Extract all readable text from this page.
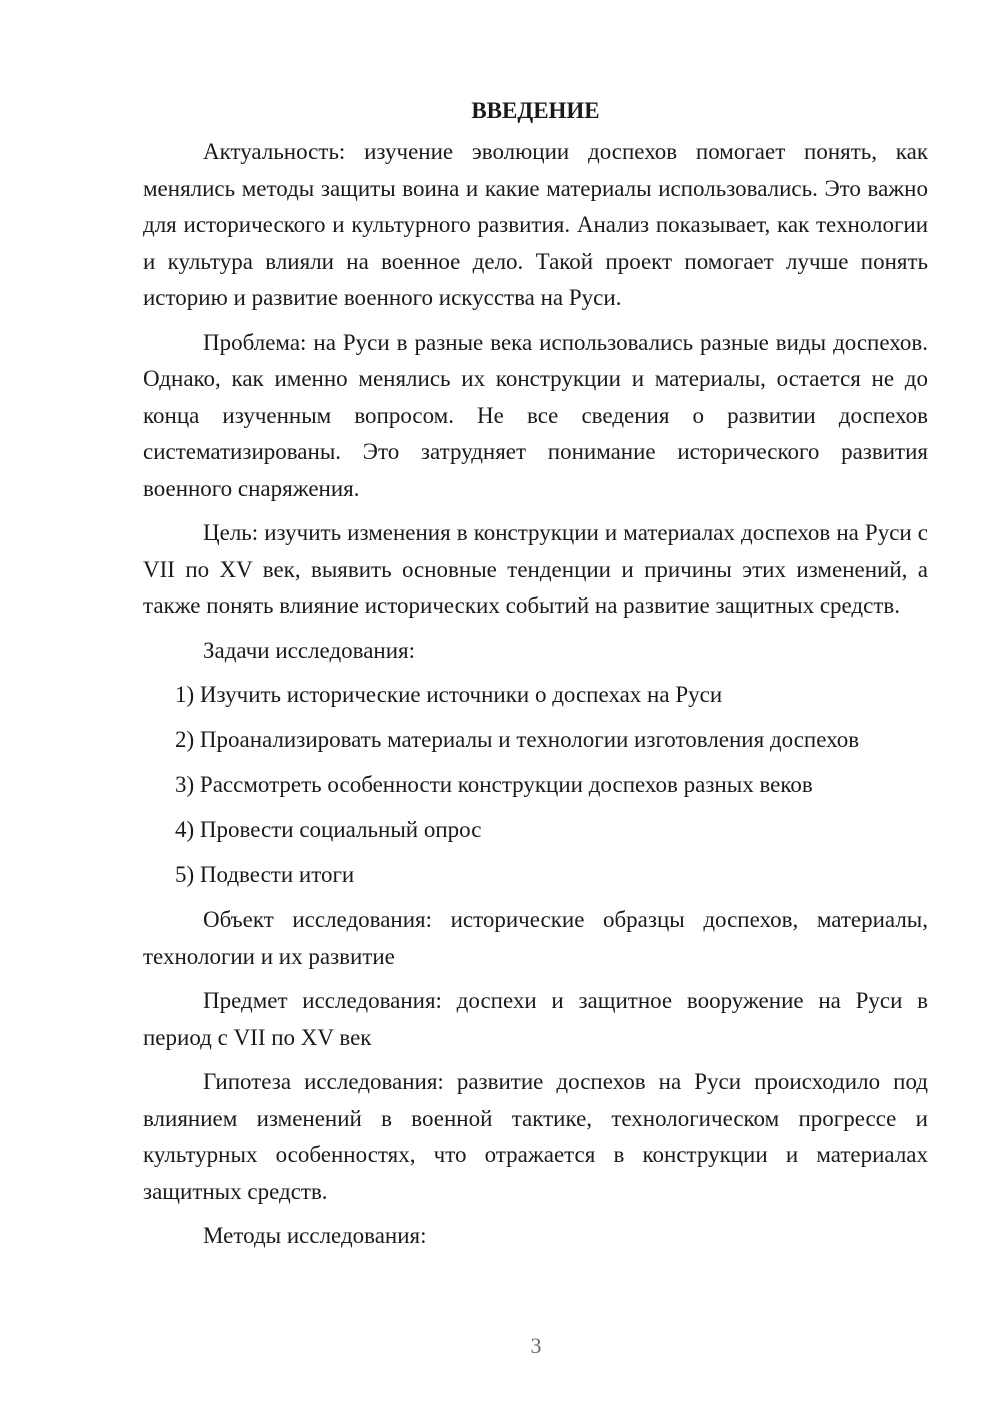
ВВЕДЕНИЕ

Актуальность: изучение эволюции доспехов помогает понять, как менялись методы защиты воина и какие материалы использовались. Это важно для исторического и культурного развития. Анализ показывает, как технологии и культура влияли на военное дело. Такой проект помогает лучше понять историю и развитие военного искусства на Руси.

Проблема: на Руси в разные века использовались разные виды доспехов. Однако, как именно менялись их конструкции и материалы, остается не до конца изученным вопросом. Не все сведения о развитии доспехов систематизированы. Это затрудняет понимание исторического развития военного снаряжения.

Цель: изучить изменения в конструкции и материалах доспехов на Руси с VII по XV век, выявить основные тенденции и причины этих изменений, а также понять влияние исторических событий на развитие защитных средств.

Задачи исследования:

1) Изучить исторические источники о доспехах на Руси
2) Проанализировать материалы и технологии изготовления доспехов
3) Рассмотреть особенности конструкции доспехов разных веков
4) Провести социальный опрос
5) Подвести итоги

Объект исследования: исторические образцы доспехов, материалы, технологии и их развитие

Предмет исследования: доспехи и защитное вооружение на Руси в период с VII по XV век

Гипотеза исследования: развитие доспехов на Руси происходило под влиянием изменений в военной тактике, технологическом прогрессе и культурных особенностях, что отражается в конструкции и материалах защитных средств.

Методы исследования:

3
